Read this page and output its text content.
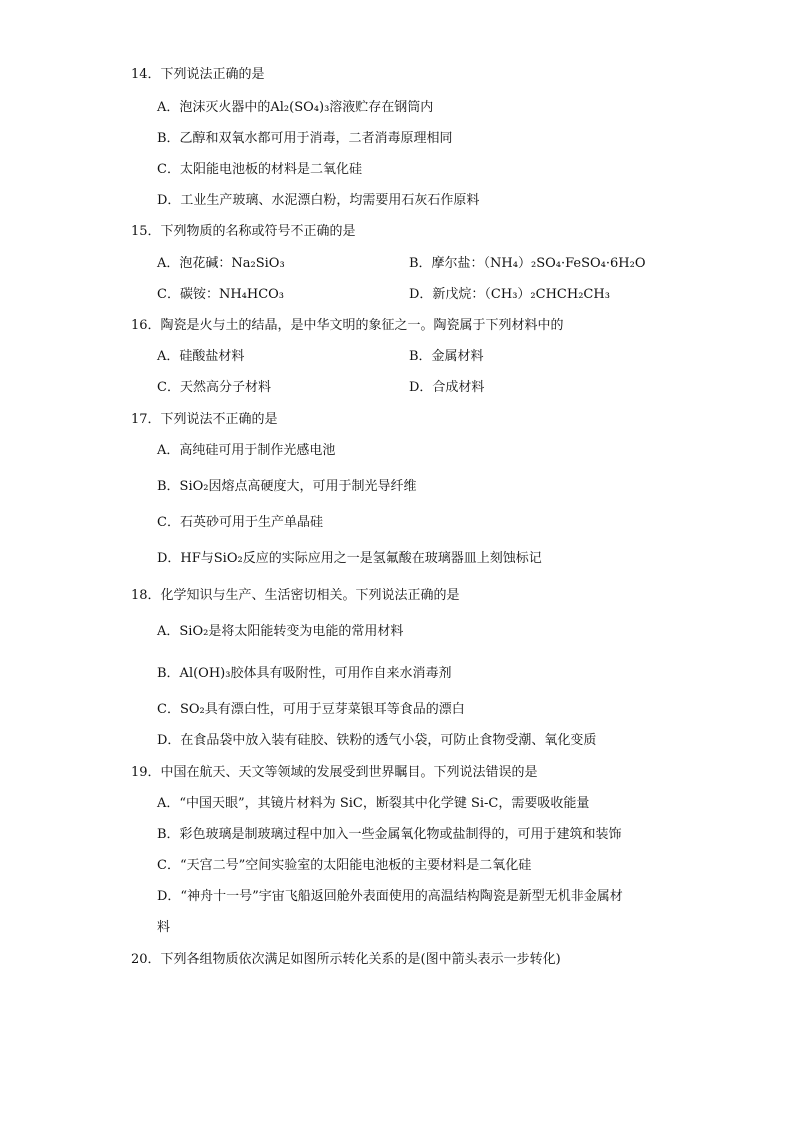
14．下列说法正确的是
A．泡沫灭火器中的Al₂(SO₄)₃溶液贮存在钢筒内
B．乙醇和双氧水都可用于消毒，二者消毒原理相同
C．太阳能电池板的材料是二氧化硅
D．工业生产玻璃、水泥漂白粉，均需要用石灰石作原料
15．下列物质的名称或符号不正确的是
A．泡花碱：Na₂SiO₃	B．摩尔盐：（NH₄）₂SO₄·FeSO₄·6H₂O
C．碳铵：NH₄HCO₃	D．新戊烷：（CH₃）₂CHCH₂CH₃
16．陶瓷是火与土的结晶，是中华文明的象征之一。陶瓷属于下列材料中的
A．硅酸盐材料	B．金属材料
C．天然高分子材料	D．合成材料
17．下列说法不正确的是
A．高纯硅可用于制作光感电池
B．SiO₂因熔点高硬度大，可用于制光导纤维
C．石英砂可用于生产单晶硅
D．HF与SiO₂反应的实际应用之一是氢氟酸在玻璃器皿上刻蚀标记
18．化学知识与生产、生活密切相关。下列说法正确的是
A．SiO₂是将太阳能转变为电能的常用材料
B．Al(OH)₃胶体具有吸附性，可用作自来水消毒剂
C．SO₂具有漂白性，可用于豆芽菜银耳等食品的漂白
D．在食品袋中放入装有硅胶、铁粉的透气小袋，可防止食物受潮、氧化变质
19．中国在航天、天文等领域的发展受到世界瞩目。下列说法错误的是
A．“中国天眼”，其镜片材料为 SiC，断裂其中化学键 Si-C，需要吸收能量
B．彩色玻璃是制玻璃过程中加入一些金属氧化物或盐制得的，可用于建筑和装饰
C．“天宫二号”空间实验室的太阳能电池板的主要材料是二氧化硅
D．“神舟十一号”宇宙飞船返回舱外表面使用的高温结构陶瓷是新型无机非金属材
料
20．下列各组物质依次满足如图所示转化关系的是(图中箭头表示一步转化)
